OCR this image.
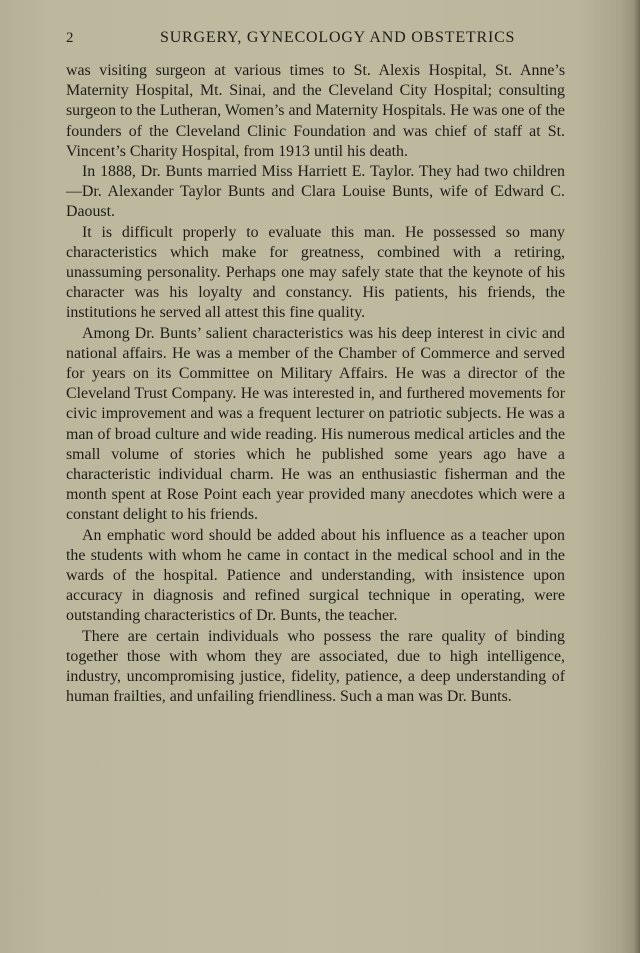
2	SURGERY, GYNECOLOGY AND OBSTETRICS

was visiting surgeon at various times to St. Alexis Hospital, St. Anne’s Maternity Hospital, Mt. Sinai, and the Cleveland City Hospital; consulting surgeon to the Lutheran, Women’s and Maternity Hospitals. He was one of the founders of the Cleveland Clinic Foundation and was chief of staff at St. Vincent’s Charity Hospital, from 1913 until his death.

In 1888, Dr. Bunts married Miss Harriett E. Taylor. They had two children—Dr. Alexander Taylor Bunts and Clara Louise Bunts, wife of Edward C. Daoust.

It is difficult properly to evaluate this man. He possessed so many characteristics which make for greatness, combined with a retiring, unassuming personality. Perhaps one may safely state that the keynote of his character was his loyalty and constancy. His patients, his friends, the institutions he served all attest this fine quality.

Among Dr. Bunts’ salient characteristics was his deep interest in civic and national affairs. He was a member of the Chamber of Commerce and served for years on its Committee on Military Affairs. He was a director of the Cleveland Trust Company. He was interested in, and furthered movements for civic improvement and was a frequent lecturer on patriotic subjects. He was a man of broad culture and wide reading. His numerous medical articles and the small volume of stories which he published some years ago have a characteristic individual charm. He was an enthusiastic fisherman and the month spent at Rose Point each year provided many anecdotes which were a constant delight to his friends.

An emphatic word should be added about his influence as a teacher upon the students with whom he came in contact in the medical school and in the wards of the hospital. Patience and understanding, with insistence upon accuracy in diagnosis and refined surgical technique in operating, were outstanding characteristics of Dr. Bunts, the teacher.

There are certain individuals who possess the rare quality of binding together those with whom they are associated, due to high intelligence, industry, uncompromising justice, fidelity, patience, a deep understanding of human frailties, and unfailing friendliness. Such a man was Dr. Bunts.
